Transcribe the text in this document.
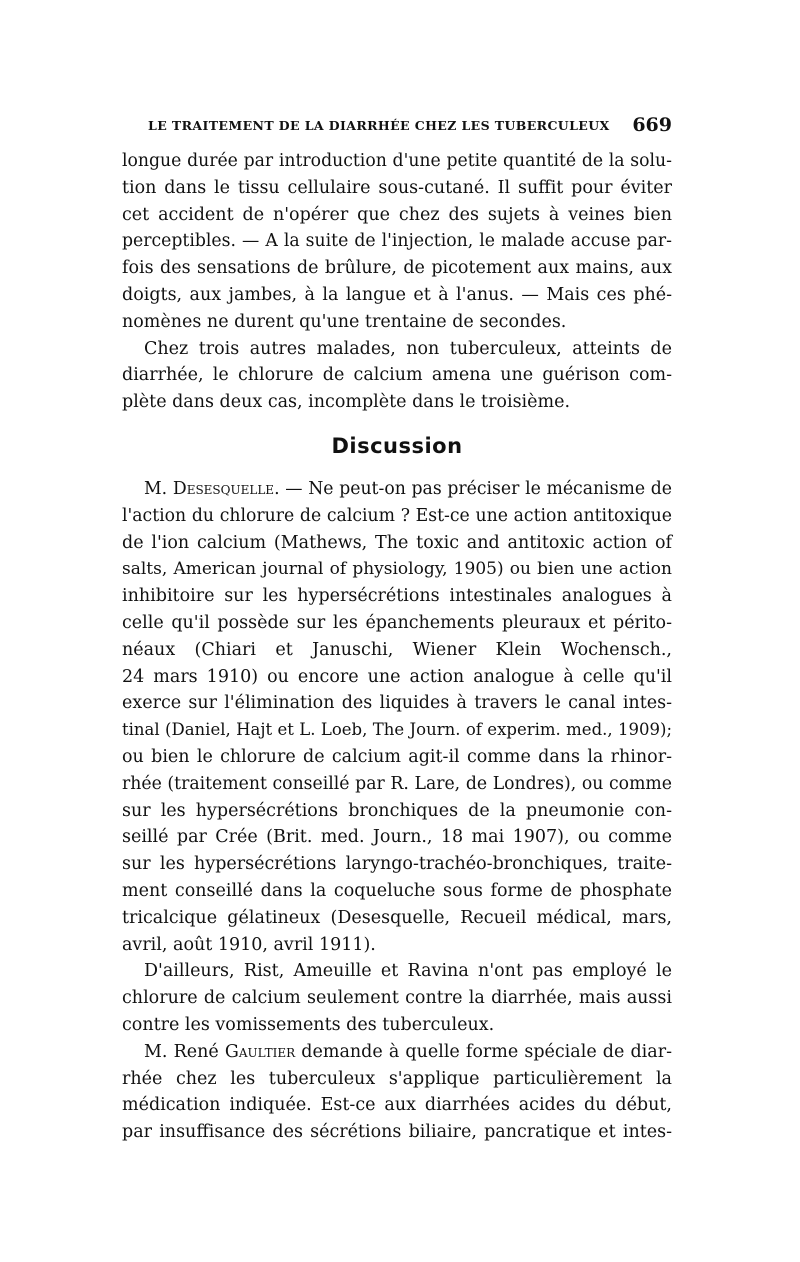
LE TRAITEMENT DE LA DIARRHÉE CHEZ LES TUBERCULEUX 669
longue durée par introduction d'une petite quantité de la solu-
tion dans le tissu cellulaire sous-cutané. Il suffit pour éviter
cet accident de n'opérer que chez des sujets à veines bien
perceptibles. — A la suite de l'injection, le malade accuse par-
fois des sensations de brûlure, de picotement aux mains, aux
doigts, aux jambes, à la langue et à l'anus. — Mais ces phé-
nomènes ne durent qu'une trentaine de secondes.
Chez trois autres malades, non tuberculeux, atteints de
diarrhée, le chlorure de calcium amena une guérison com-
plète dans deux cas, incomplète dans le troisième.
Discussion
M. Desesquelle. — Ne peut-on pas préciser le mécanisme de
l'action du chlorure de calcium ? Est-ce une action antitoxique
de l'ion calcium (Mathews, The toxic and antitoxic action of
salts, American journal of physiology, 1905) ou bien une action
inhibitoire sur les hypersécrétions intestinales analogues à
celle qu'il possède sur les épanchements pleuraux et périto-
néaux (Chiari et Januschi, Wiener Klein Wochensch.,
24 mars 1910) ou encore une action analogue à celle qu'il
exerce sur l'élimination des liquides à travers le canal intes-
tinal (Daniel, Hajt et L. Loeb, The Journ. of experim. med., 1909);
ou bien le chlorure de calcium agit-il comme dans la rhinor-
rhée (traitement conseillé par R. Lare, de Londres), ou comme
sur les hypersécrétions bronchiques de la pneumonie con-
seillé par Crée (Brit. med. Journ., 18 mai 1907), ou comme
sur les hypersécrétions laryngo-trachéo-bronchiques, traite-
ment conseillé dans la coqueluche sous forme de phosphate
tricalcique gélatineux (Desesquelle, Recueil médical, mars,
avril, août 1910, avril 1911).
D'ailleurs, Rist, Ameuille et Ravina n'ont pas employé le
chlorure de calcium seulement contre la diarrhée, mais aussi
contre les vomissements des tuberculeux.
M. René Gaultier demande à quelle forme spéciale de diar-
rhée chez les tuberculeux s'applique particulièrement la
médication indiquée. Est-ce aux diarrhées acides du début,
par insuffisance des sécrétions biliaire, pancratique et intes-
